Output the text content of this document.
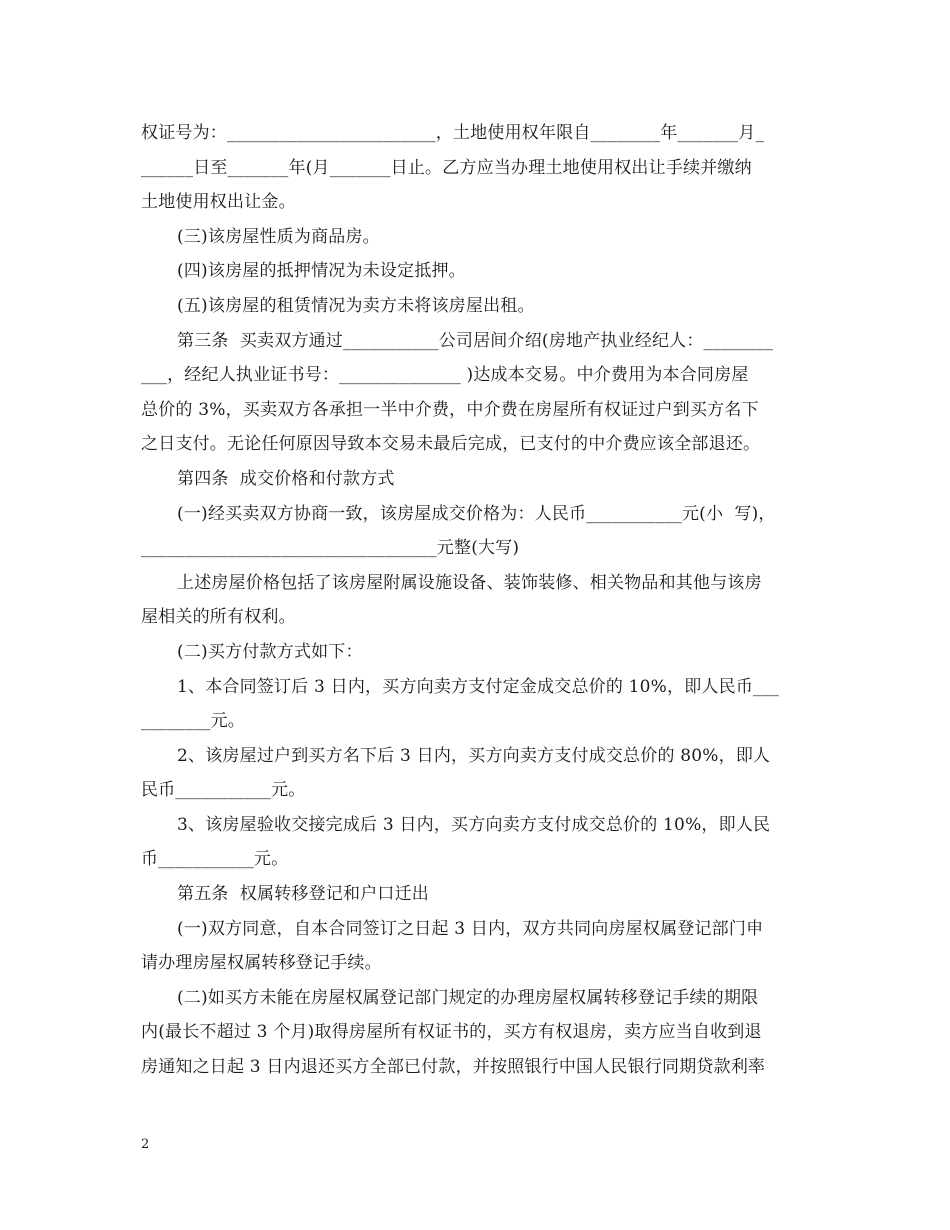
权证号为：________________________，土地使用权年限自________年_______月_
______日至_______年(月_______日止。乙方应当办理土地使用权出让手续并缴纳
土地使用权出让金。
(三)该房屋性质为商品房。
(四)该房屋的抵押情况为未设定抵押。
(五)该房屋的租赁情况为卖方未将该房屋出租。
第三条  买卖双方通过___________公司居间介绍(房地产执业经纪人：________
___，经纪人执业证书号：______________ )达成本交易。中介费用为本合同房屋
总价的 3%，买卖双方各承担一半中介费，中介费在房屋所有权证过户到买方名下
之日支付。无论任何原因导致本交易未最后完成，已支付的中介费应该全部退还。
第四条  成交价格和付款方式
(一)经买卖双方协商一致，该房屋成交价格为：人民币___________元(小  写)，
__________________________________元整(大写)
上述房屋价格包括了该房屋附属设施设备、装饰装修、相关物品和其他与该房
屋相关的所有权利。
(二)买方付款方式如下：
1、本合同签订后 3 日内，买方向卖方支付定金成交总价的 10%，即人民币___
________元。
2、该房屋过户到买方名下后 3 日内，买方向卖方支付成交总价的 80%，即人
民币___________元。
3、该房屋验收交接完成后 3 日内，买方向卖方支付成交总价的 10%，即人民
币___________元。
第五条  权属转移登记和户口迁出
(一)双方同意，自本合同签订之日起 3 日内，双方共同向房屋权属登记部门申
请办理房屋权属转移登记手续。
(二)如买方未能在房屋权属登记部门规定的办理房屋权属转移登记手续的期限
内(最长不超过 3 个月)取得房屋所有权证书的，买方有权退房，卖方应当自收到退
房通知之日起 3 日内退还买方全部已付款，并按照银行中国人民银行同期贷款利率
2
